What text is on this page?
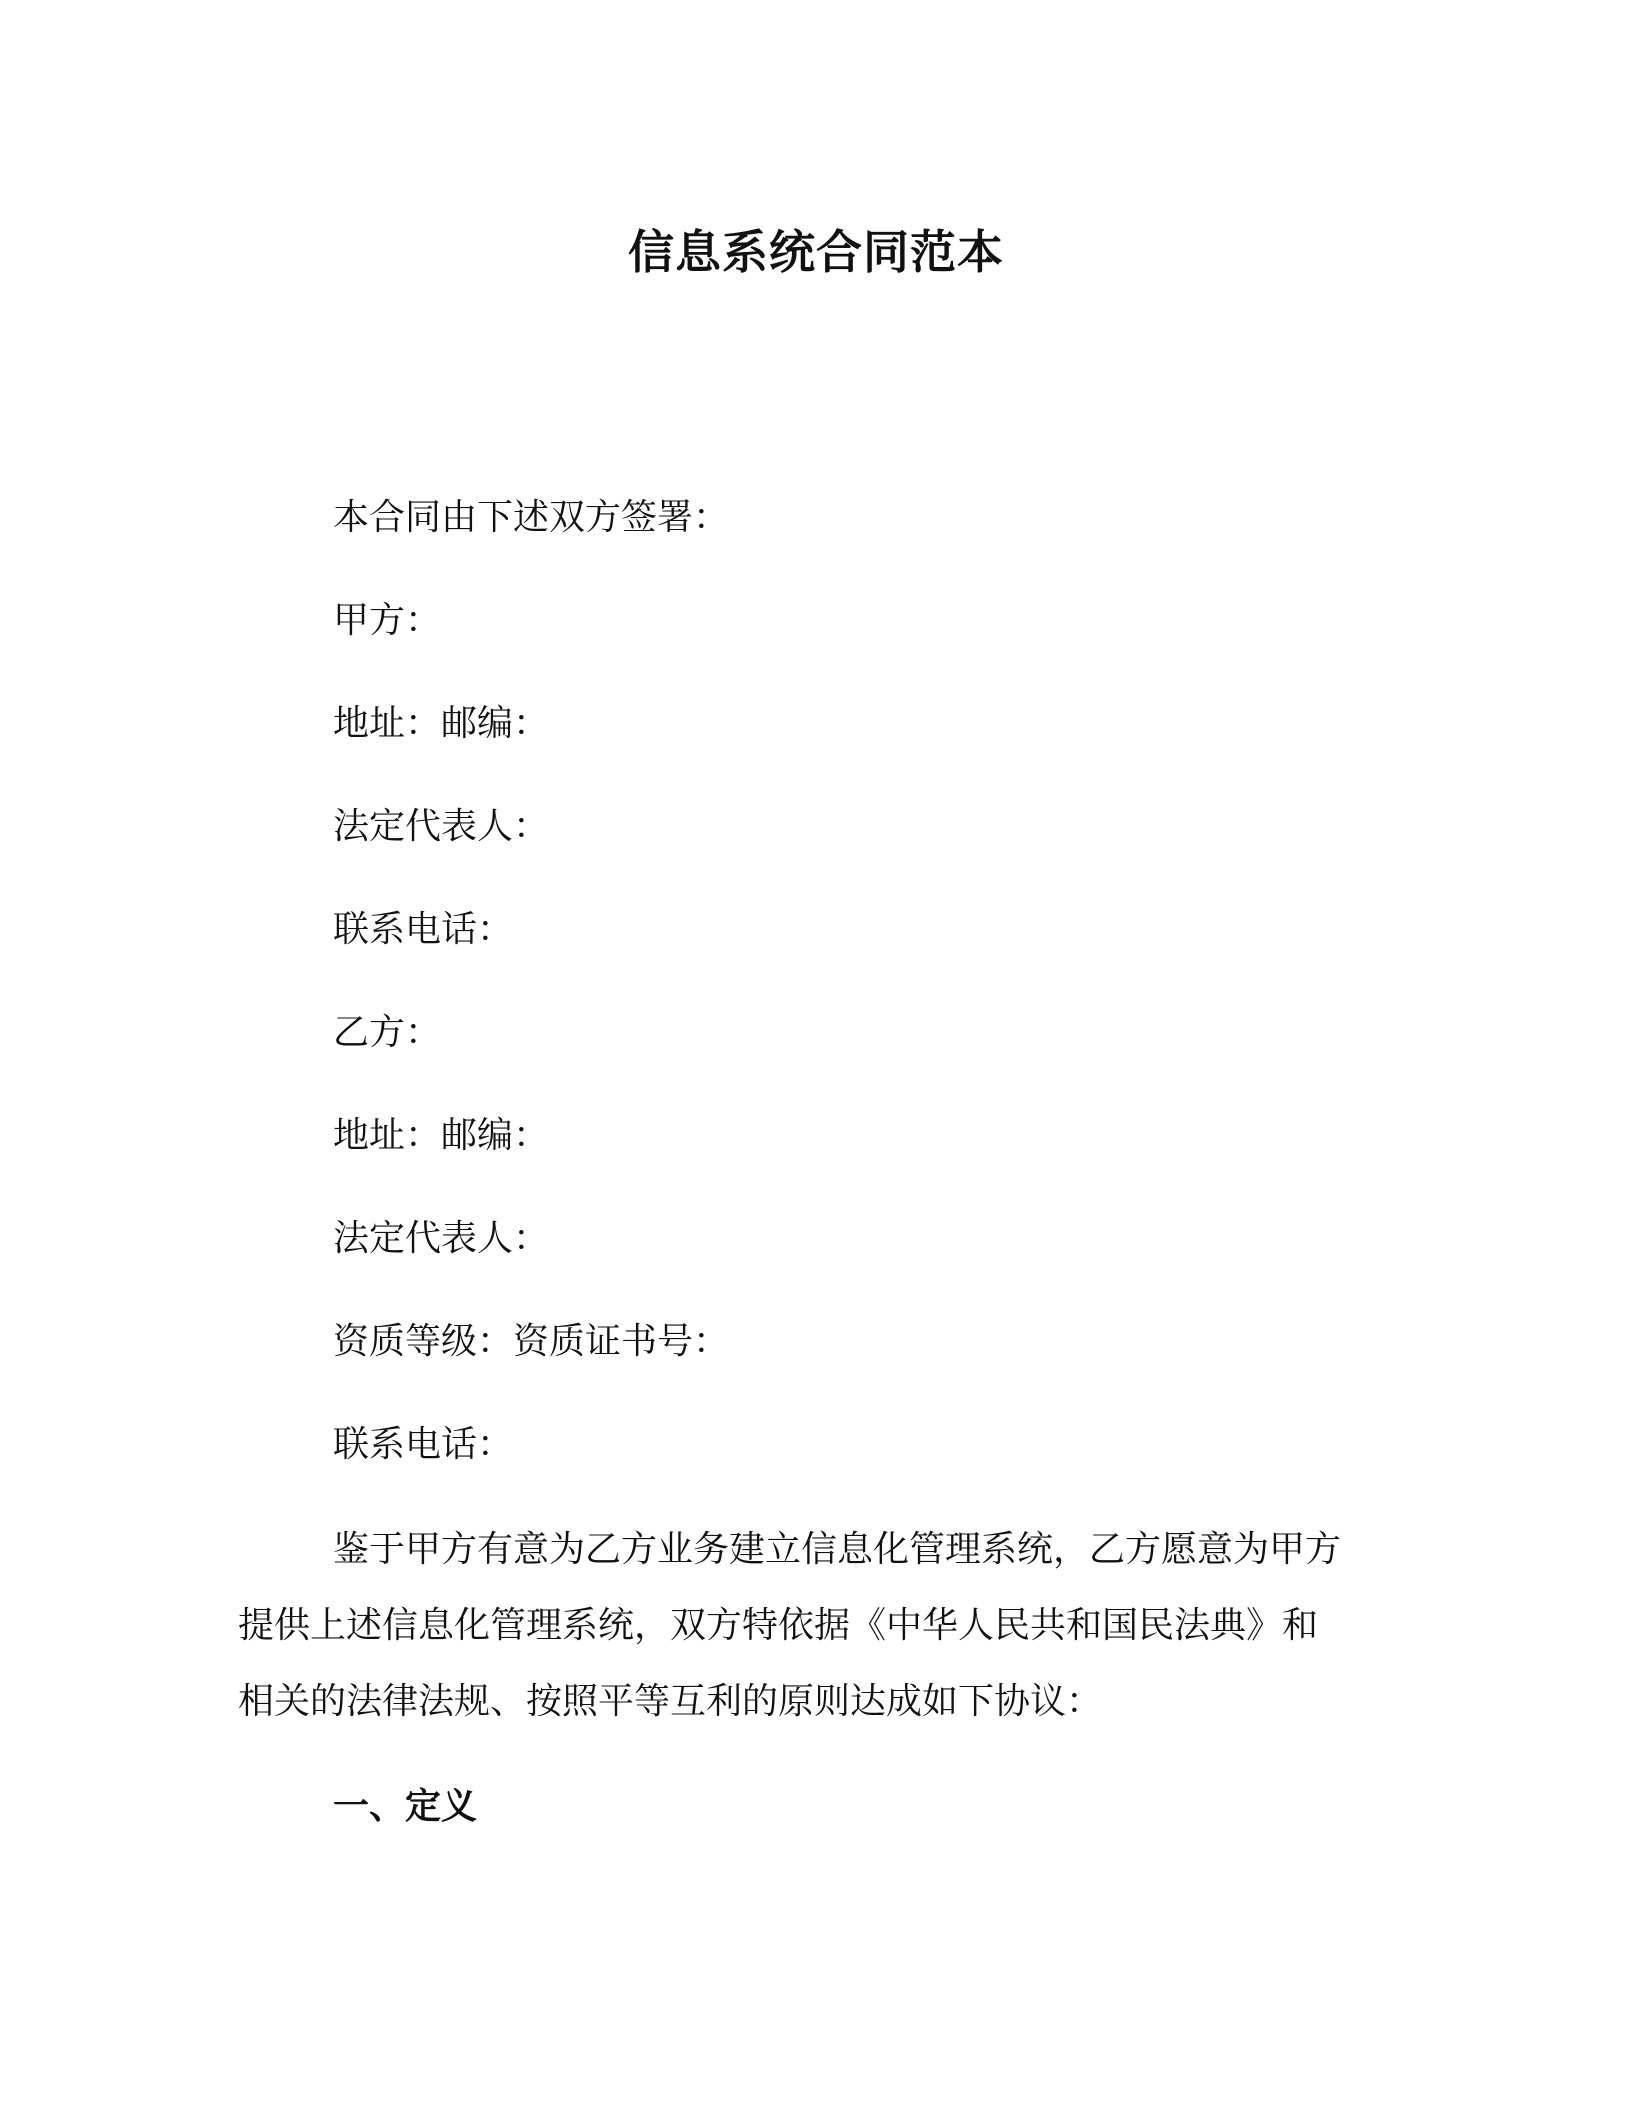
信息系统合同范本

本合同由下述双方签署：

甲方：

地址：邮编：

法定代表人：

联系电话：

乙方：

地址：邮编：

法定代表人：

资质等级：资质证书号：

联系电话：

鉴于甲方有意为乙方业务建立信息化管理系统，乙方愿意为甲方
提供上述信息化管理系统，双方特依据《中华人民共和国民法典》和
相关的法律法规、按照平等互利的原则达成如下协议：

一、定义
